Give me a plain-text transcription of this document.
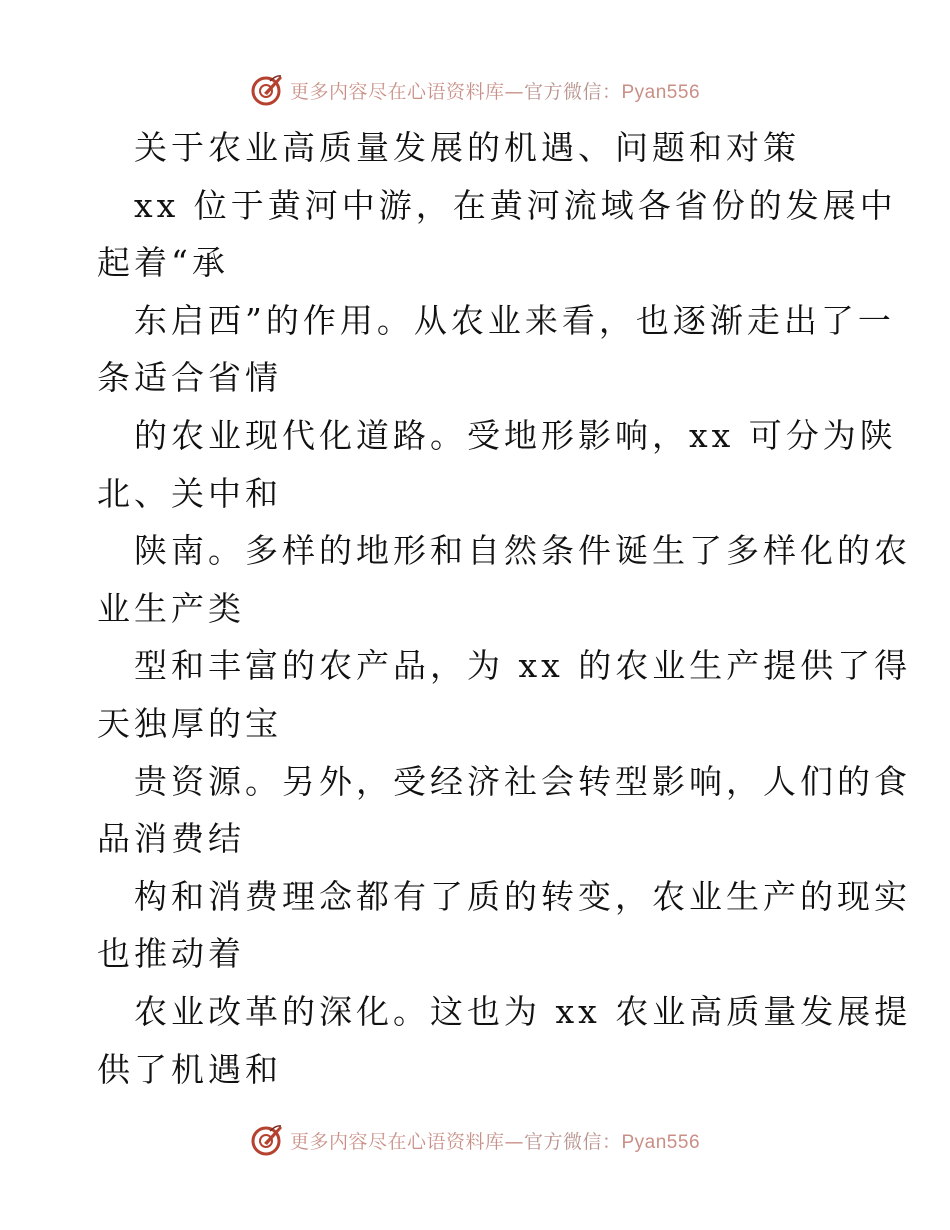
更多内容尽在心语资料库—官方微信：Pyan556
关于农业高质量发展的机遇、问题和对策
xx 位于黄河中游，在黄河流域各省份的发展中
起着“承
东启西”的作用。从农业来看，也逐渐走出了一
条适合省情
的农业现代化道路。受地形影响，xx 可分为陕
北、关中和
陕南。多样的地形和自然条件诞生了多样化的农
业生产类
型和丰富的农产品，为 xx 的农业生产提供了得
天独厚的宝
贵资源。另外，受经济社会转型影响，人们的食
品消费结
构和消费理念都有了质的转变，农业生产的现实
也推动着
农业改革的深化。这也为 xx 农业高质量发展提
供了机遇和
更多内容尽在心语资料库—官方微信：Pyan556
